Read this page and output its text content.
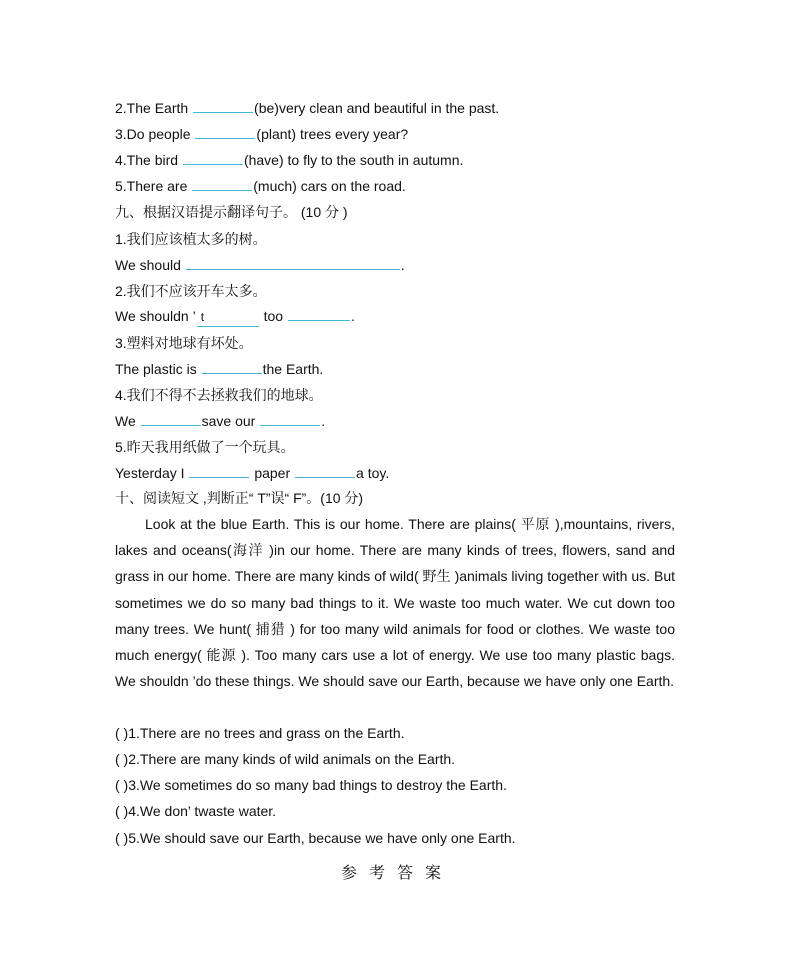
2.The Earth	(be)very clean and beautiful in the past.
3.Do people	(plant) trees every year?
4.The bird	(have) to fly to the south in autumn.
5.There are	(much) cars on the road.
九、根据汉语提示翻译句子。 (10 分 )
1.我们应该植太多的树。
We should	.
2.我们不应该开车太多。
We shouldn ’ t	too	.
3.塑料对地球有坏处。
The plastic is	the Earth.
4.我们不得不去拯救我们的地球。
We	save our	.
5.昨天我用纸做了一个玩具。
Yesterday I	paper	a toy.
十、阅读短文 ,判断正“ T”误“ F”。(10 分)

Look at the blue Earth. This is our home. There are plains( 平原 ),mountains, rivers, lakes and oceans(海洋 )in our home. There are many kinds of trees, flowers, sand and grass in our home. There are many kinds of wild( 野生 )animals living together with us. But sometimes we do so many bad things to it. We waste too much water. We cut down too many trees. We hunt( 捕猎 ) for too many wild animals for food or clothes. We waste too much energy( 能源 ). Too many cars use a lot of energy. We use too many plastic bags. We shouldn ’do these things. We should save our Earth, because we have only one Earth.

( )1.There are no trees and grass on the Earth.
( )2.There are many kinds of wild animals on the Earth.
( )3.We sometimes do so many bad things to destroy the Earth.
( )4.We don’ twaste water.
( )5.We should save our Earth, because we have only one Earth.
参考答案
